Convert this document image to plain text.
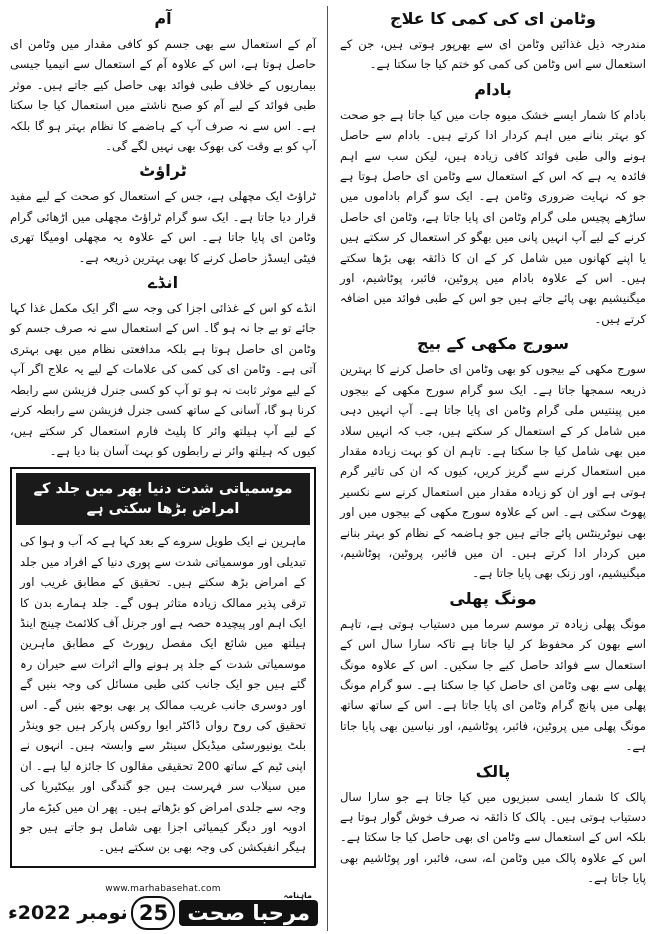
وٹامن ای کی کمی کا علاج

مندرجہ ذیل غذائیں وٹامن ای سے بھرپور ہوتی ہیں، جن کے استعمال سے اس وٹامن کی کمی کو ختم کیا جا سکتا ہے۔

بادام

بادام کا شمار ایسے خشک میوہ جات میں کیا جاتا ہے جو صحت کو بہتر بنانے میں اہم کردار ادا کرتے ہیں۔ بادام سے حاصل ہونے والی طبی فوائد کافی زیادہ ہیں، لیکن سب سے اہم فائدہ یہ ہے کہ اس کے استعمال سے وٹامن ای حاصل ہوتا ہے جو کہ نہایت ضروری وٹامن ہے۔ ایک سو گرام باداموں میں ساڑھے پچیس ملی گرام وٹامن ای پایا جاتا ہے، وٹامن ای حاصل کرنے کے لیے آپ انہیں پانی میں بھگو کر استعمال کر سکتے ہیں یا اپنے کھانوں میں شامل کر کے ان کا ذائقہ بھی بڑھا سکتے ہیں۔ اس کے علاوہ بادام میں پروٹین، فائبر، پوٹاشیم، اور میگنیشیم بھی پائے جاتے ہیں جو اس کے طبی فوائد میں اضافہ کرتے ہیں۔

سورج مکھی کے بیج

سورج مکھی کے بیجوں کو بھی وٹامن ای حاصل کرنے کا بہترین ذریعہ سمجھا جاتا ہے۔ ایک سو گرام سورج مکھی کے بیجوں میں پینتیس ملی گرام وٹامن ای پایا جاتا ہے۔ آپ انہیں دہی میں شامل کر کے استعمال کر سکتے ہیں، جب کہ انہیں سلاد میں بھی شامل کیا جا سکتا ہے۔ تاہم ان کو بہت زیادہ مقدار میں استعمال کرنے سے گریز کریں، کیوں کہ ان کی تاثیر گرم ہوتی ہے اور ان کو زیادہ مقدار میں استعمال کرنے سے نکسیر پھوٹ سکتی ہے۔ اس کے علاوہ سورج مکھی کے بیجوں میں اور بھی نیوٹرینٹس پائے جاتے ہیں جو ہاضمہ کے نظام کو بہتر بنانے میں کردار ادا کرتے ہیں۔ ان میں فائبر، پروٹین، پوٹاشیم، میگنیشیم، اور زنک بھی پایا جاتا ہے۔

مونگ پھلی

مونگ پھلی زیادہ تر موسم سرما میں دستیاب ہوتی ہے، تاہم اسے بھون کر محفوظ کر لیا جاتا ہے تاکہ سارا سال اس کے استعمال سے فوائد حاصل کیے جا سکیں۔ اس کے علاوہ مونگ پھلی سے بھی وٹامن ای حاصل کیا جا سکتا ہے۔ سو گرام مونگ پھلی میں پانچ گرام وٹامن ای پایا جاتا ہے۔ اس کے ساتھ ساتھ مونگ پھلی میں پروٹین، فائبر، پوٹاشیم، اور نیاسین بھی پایا جاتا ہے۔

پالک

پالک کا شمار ایسی سبزیوں میں کیا جاتا ہے جو سارا سال دستیاب ہوتی ہیں۔ پالک کا ذائقہ نہ صرف خوش گوار ہوتا ہے بلکہ اس کے استعمال سے وٹامن ای بھی حاصل کیا جا سکتا ہے۔ اس کے علاوہ پالک میں وٹامن اے، سی، فائبر، اور پوٹاشیم بھی پایا جاتا ہے۔

آم

آم کے استعمال سے بھی جسم کو کافی مقدار میں وٹامن ای حاصل ہوتا ہے، اس کے علاوہ آم کے استعمال سے انیمیا جیسی بیماریوں کے خلاف طبی فوائد بھی حاصل کیے جاتے ہیں۔ موثر طبی فوائد کے لیے آم کو صبح ناشتے میں استعمال کیا جا سکتا ہے۔ اس سے نہ صرف آپ کے ہاضمے کا نظام بہتر ہو گا بلکہ آپ کو بے وقت کی بھوک بھی نہیں لگے گی۔

ٹراؤٹ

ٹراؤٹ ایک مچھلی ہے، جس کے استعمال کو صحت کے لیے مفید قرار دیا جاتا ہے۔ ایک سو گرام ٹراؤٹ مچھلی میں اڑھائی گرام وٹامن ای پایا جاتا ہے۔ اس کے علاوہ یہ مچھلی اومیگا تھری فیٹی ایسڈز حاصل کرنے کا بھی بہترین ذریعہ ہے۔

انڈے

انڈے کو اس کے غذائی اجزا کی وجہ سے اگر ایک مکمل غذا کہا جائے تو بے جا نہ ہو گا۔ اس کے استعمال سے نہ صرف جسم کو وٹامن ای حاصل ہوتا ہے بلکہ مدافعتی نظام میں بھی بہتری آتی ہے۔ وٹامن ای کی کمی کی علامات کے لیے یہ علاج اگر آپ کے لیے موثر ثابت نہ ہو تو آپ کو کسی جنرل فزیشن سے رابطہ کرنا ہو گا، آسانی کے ساتھ کسی جنرل فزیشن سے رابطہ کرنے کے لیے آپ ہیلتھ وائر کا پلیٹ فارم استعمال کر سکتے ہیں، کیوں کہ ہیلتھ وائر نے رابطوں کو بہت آسان بنا دیا ہے۔

موسمیاتی شدت دنیا بھر میں جلد کے امراض بڑھا سکتی ہے

ماہرین نے ایک طویل سروے کے بعد کہا ہے کہ آب و ہوا کی تبدیلی اور موسمیاتی شدت سے پوری دنیا کے افراد میں جلد کے امراض بڑھ سکتے ہیں۔ تحقیق کے مطابق غریب اور ترقی پذیر ممالک زیادہ متاثر ہوں گے۔ جلد ہمارے بدن کا ایک اہم اور پیچیدہ حصہ ہے اور جرنل آف کلائمٹ چینج اینڈ ہیلتھ میں شائع ایک مفصل رپورٹ کے مطابق ماہرین موسمیاتی شدت کے جلد پر ہونے والے اثرات سے حیران رہ گئے ہیں جو ایک جانب کئی طبی مسائل کی وجہ بنیں گے اور دوسری جانب غریب ممالک پر بھی بوجھ بنیں گے۔ اس تحقیق کی روح رواں ڈاکٹر ایوا روکس پارکر ہیں جو وینڈر بلٹ یونیورسٹی میڈیکل سینٹر سے وابستہ ہیں۔ انہوں نے اپنی ٹیم کے ساتھ 200 تحقیقی مقالوں کا جائزہ لیا ہے۔ ان میں سیلاب سر فہرست ہیں جو گندگی اور بیکٹیریا کی وجہ سے جلدی امراض کو بڑھاتے ہیں۔ پھر ان میں کیڑے مار ادویہ اور دیگر کیمیائی اجزا بھی شامل ہو جاتے ہیں جو ہیگر انفیکشن کی وجہ بھی بن سکتے ہیں۔

www.marhabasehat.com
نومبر 2022ء 25
ماہنامہ
مرحبا صحت
